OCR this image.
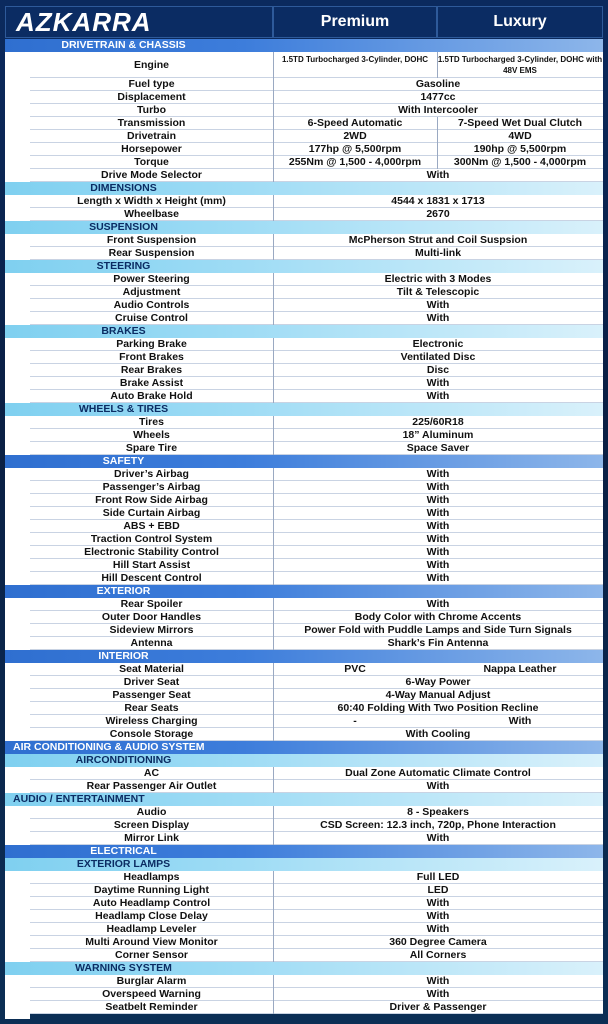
AZKARRA	Premium	Luxury
DRIVETRAIN & CHASSIS
Engine	1.5TD Turbocharged 3-Cylinder, DOHC	1.5TD Turbocharged 3-Cylinder, DOHC with 48V EMS
Fuel type	Gasoline
Displacement	1477cc
Turbo	With Intercooler
Transmission	6-Speed Automatic	7-Speed Wet Dual Clutch
Drivetrain	2WD	4WD
Horsepower	177hp @ 5,500rpm	190hp @ 5,500rpm
Torque	255Nm @ 1,500 - 4,000rpm	300Nm @ 1,500 - 4,000rpm
Drive Mode Selector	With
DIMENSIONS
Length x Width x Height (mm)	4544 x 1831 x 1713
Wheelbase	2670
SUSPENSION
Front Suspension	McPherson Strut and Coil Suspsion
Rear Suspension	Multi-link
STEERING
Power Steering	Electric with 3 Modes
Adjustment	Tilt & Telescopic
Audio Controls	With
Cruise Control	With
BRAKES
Parking Brake	Electronic
Front Brakes	Ventilated Disc
Rear Brakes	Disc
Brake Assist	With
Auto Brake Hold	With
WHEELS & TIRES
Tires	225/60R18
Wheels	18” Aluminum
Spare Tire	Space Saver
SAFETY
Driver’s Airbag	With
Passenger’s Airbag	With
Front Row Side Airbag	With
Side Curtain Airbag	With
ABS + EBD	With
Traction Control System	With
Electronic Stability Control	With
Hill Start Assist	With
Hill Descent Control	With
EXTERIOR
Rear Spoiler	With
Outer Door Handles	Body Color with Chrome Accents
Sideview Mirrors	Power Fold with Puddle Lamps and Side Turn Signals
Antenna	Shark’s Fin Antenna
INTERIOR
Seat Material	PVC	Nappa Leather
Driver Seat	6-Way Power
Passenger Seat	4-Way Manual Adjust
Rear Seats	60:40 Folding With Two Position Recline
Wireless Charging	-	With
Console Storage	With Cooling
AIR CONDITIONING & AUDIO SYSTEM
AIRCONDITIONING
AC	Dual Zone Automatic Climate Control
Rear Passenger Air Outlet	With
AUDIO / ENTERTAINMENT
Audio	8 - Speakers
Screen Display	CSD Screen: 12.3 inch, 720p, Phone Interaction
Mirror Link	With
ELECTRICAL
EXTERIOR LAMPS
Headlamps	Full LED
Daytime Running Light	LED
Auto Headlamp Control	With
Headlamp Close Delay	With
Headlamp Leveler	With
Multi Around View Monitor	360 Degree Camera
Corner Sensor	All Corners
WARNING SYSTEM
Burglar Alarm	With
Overspeed Warning	With
Seatbelt Reminder	Driver & Passenger
